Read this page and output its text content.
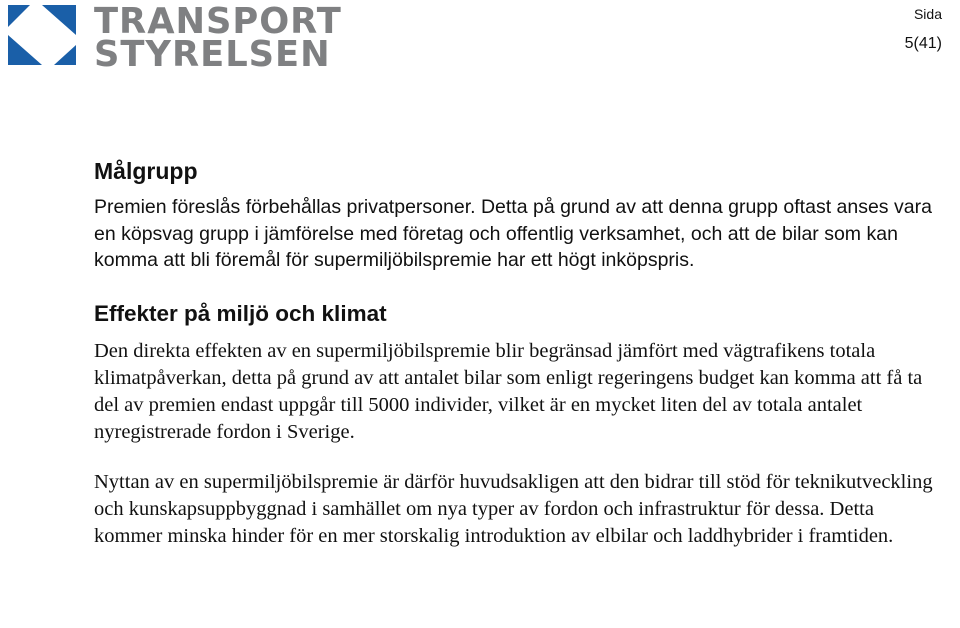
TRANSPORT
STYRELSEN
Sida
5(41)
Målgrupp

Premien föreslås förbehållas privatpersoner. Detta på grund av att denna grupp oftast anses vara en köpsvag grupp i jämförelse med företag och offentlig verksamhet, och att de bilar som kan komma att bli föremål för supermiljöbilspremie har ett högt inköpspris.

Effekter på miljö och klimat

Den direkta effekten av en supermiljöbilspremie blir begränsad jämfört med vägtrafikens totala klimatpåverkan, detta på grund av att antalet bilar som enligt regeringens budget kan komma att få ta del av premien endast uppgår till 5000 individer, vilket är en mycket liten del av totala antalet nyregistrerade fordon i Sverige.

Nyttan av en supermiljöbilspremie är därför huvudsakligen att den bidrar till stöd för teknikutveckling och kunskapsuppbyggnad i samhället om nya typer av fordon och infrastruktur för dessa. Detta kommer minska hinder för en mer storskalig introduktion av elbilar och laddhybrider i framtiden.
